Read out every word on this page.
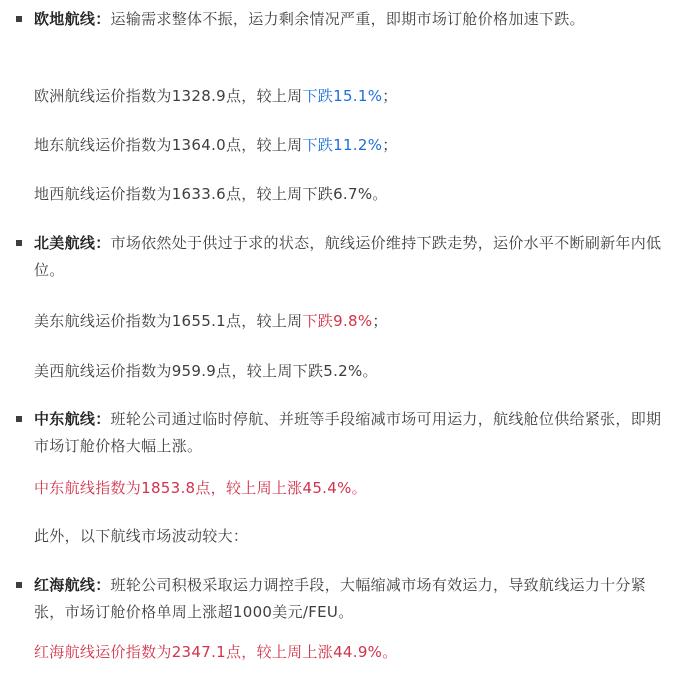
欧地航线：运输需求整体不振，运力剩余情况严重，即期市场订舱价格加速下跌。
欧洲航线运价指数为1328.9点，较上周下跌15.1%；
地东航线运价指数为1364.0点，较上周下跌11.2%；
地西航线运价指数为1633.6点，较上周下跌6.7%。
北美航线：市场依然处于供过于求的状态，航线运价维持下跌走势，运价水平不断刷新年内低位。
美东航线运价指数为1655.1点，较上周下跌9.8%；
美西航线运价指数为959.9点，较上周下跌5.2%。
中东航线：班轮公司通过临时停航、并班等手段缩减市场可用运力，航线舱位供给紧张，即期市场订舱价格大幅上涨。
中东航线指数为1853.8点，较上周上涨45.4%。
此外，以下航线市场波动较大：
红海航线：班轮公司积极采取运力调控手段，大幅缩减市场有效运力，导致航线运力十分紧张，市场订舱价格单周上涨超1000美元/FEU。
红海航线运价指数为2347.1点，较上周上涨44.9%。
